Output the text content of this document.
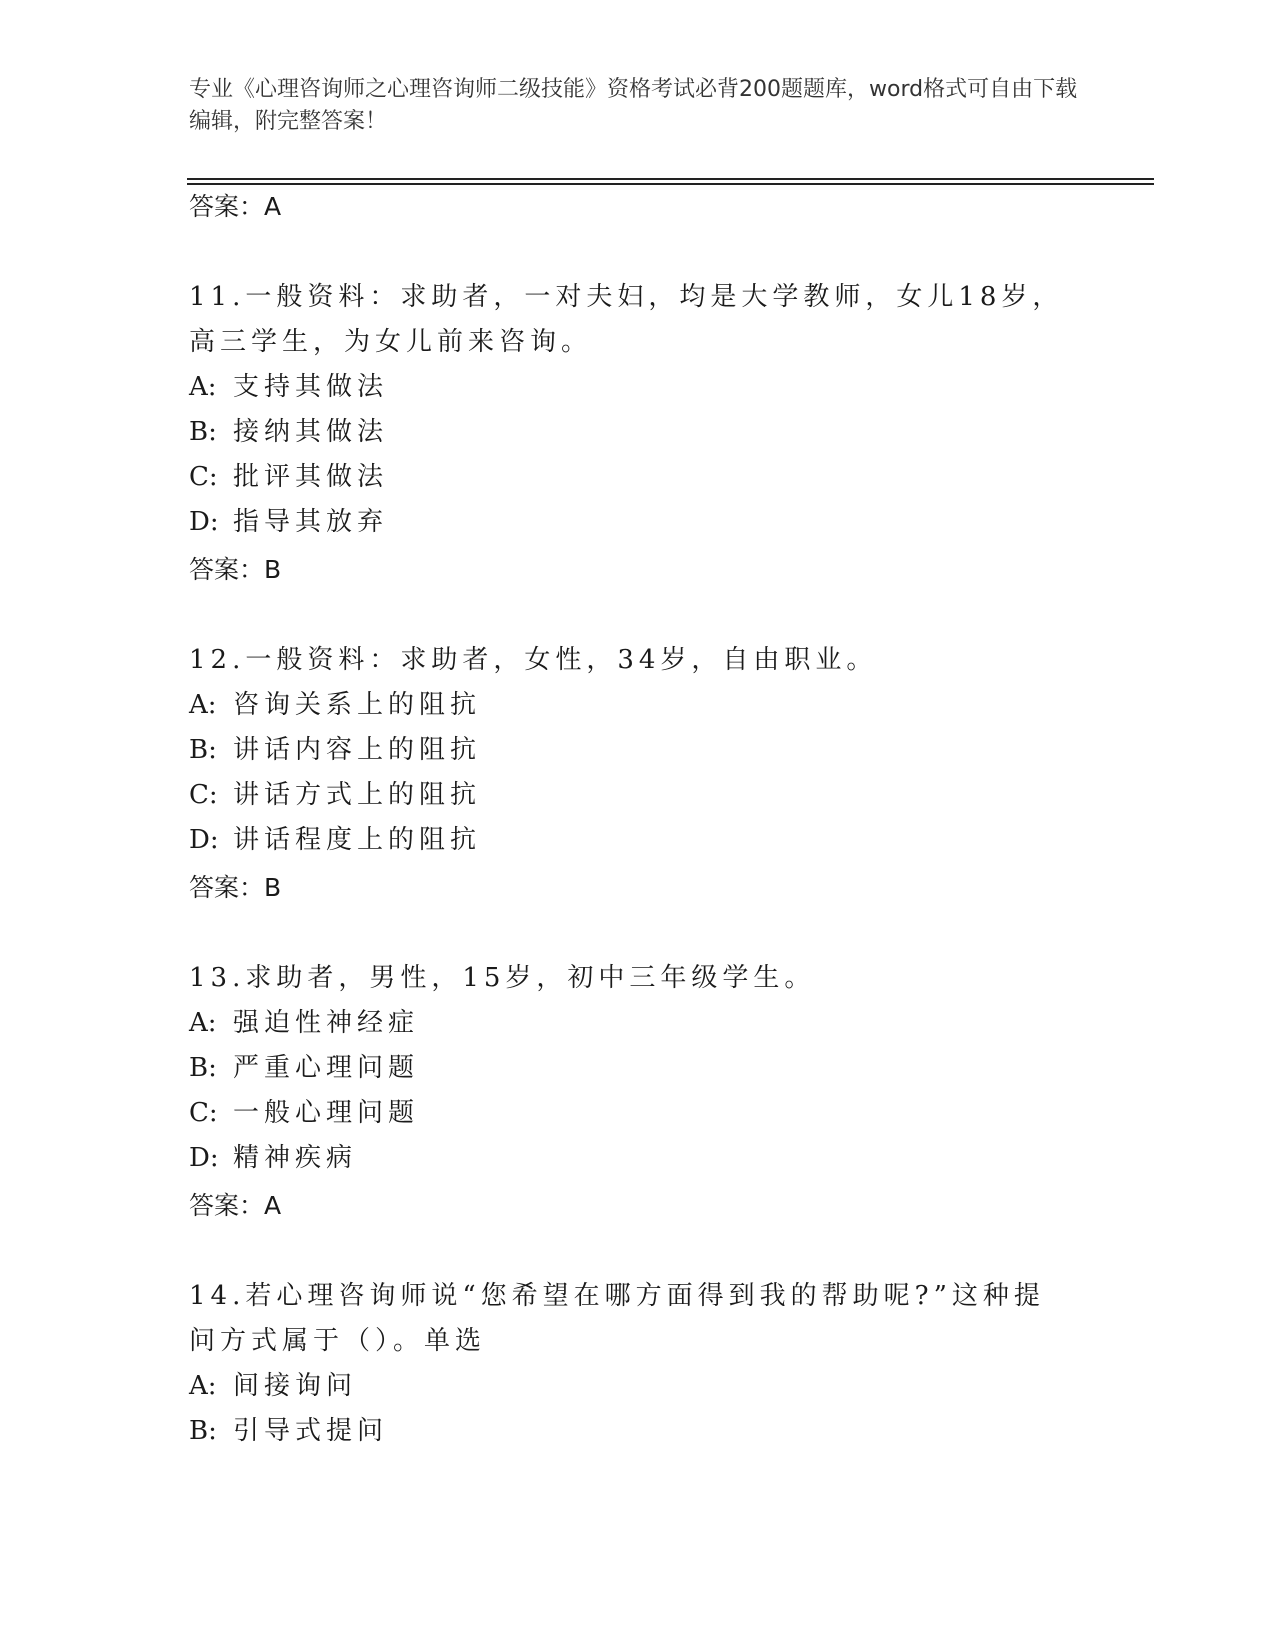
专业《心理咨询师之心理咨询师二级技能》资格考试必背200题题库，word格式可自由下载编辑，附完整答案！
答案：A
11.一般资料：求助者，一对夫妇，均是大学教师，女儿18岁，高三学生，为女儿前来咨询。
A: 支持其做法
B: 接纳其做法
C: 批评其做法
D: 指导其放弃
答案：B
12.一般资料：求助者，女性，34岁，自由职业。
A: 咨询关系上的阻抗
B: 讲话内容上的阻抗
C: 讲话方式上的阻抗
D: 讲话程度上的阻抗
答案：B
13.求助者，男性，15岁，初中三年级学生。
A: 强迫性神经症
B: 严重心理问题
C: 一般心理问题
D: 精神疾病
答案：A
14.若心理咨询师说“您希望在哪方面得到我的帮助呢?”这种提问方式属于（）。单选
A: 间接询问
B: 引导式提问
